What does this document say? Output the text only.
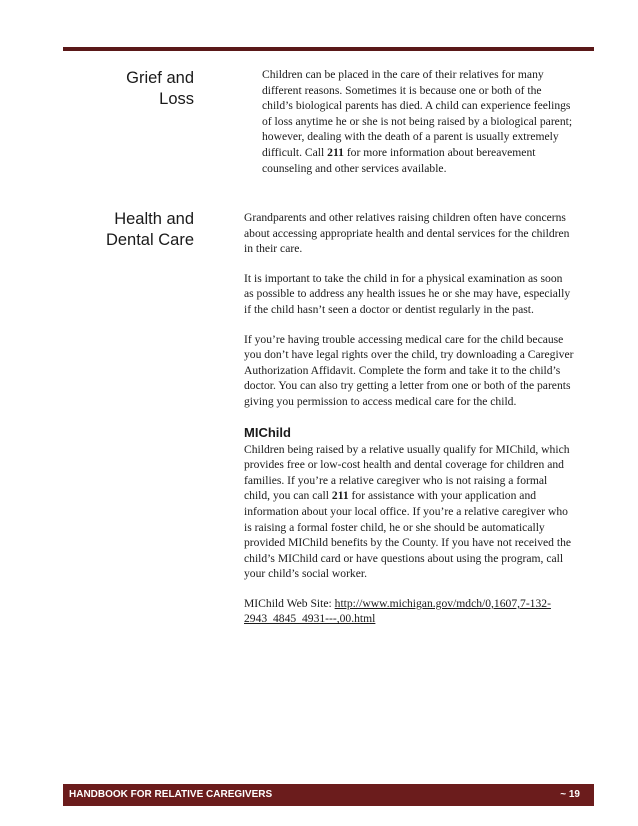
Grief and
Loss

Children can be placed in the care of their relatives for many different reasons. Sometimes it is because one or both of the child’s biological parents has died. A child can experience feelings of loss anytime he or she is not being raised by a biological parent; however, dealing with the death of a parent is usually extremely difficult. Call 211 for more information about bereavement counseling and other services available.

Health and
Dental Care

Grandparents and other relatives raising children often have concerns about accessing appropriate health and dental services for the children in their care.

It is important to take the child in for a physical examination as soon as possible to address any health issues he or she may have, especially if the child hasn’t seen a doctor or dentist regularly in the past.

If you’re having trouble accessing medical care for the child because you don’t have legal rights over the child, try downloading a Caregiver Authorization Affidavit. Complete the form and take it to the child’s doctor. You can also try getting a letter from one or both of the parents giving you permission to access medical care for the child.

MIChild

Children being raised by a relative usually qualify for MIChild, which provides free or low-cost health and dental coverage for children and families. If you’re a relative caregiver who is not raising a formal child, you can call 211 for assistance with your application and information about your local office. If you’re a relative caregiver who is raising a formal foster child, he or she should be automatically provided MIChild benefits by the County. If you have not received the child’s MIChild card or have questions about using the program, call your child’s social worker.

MIChild Web Site: http://www.michigan.gov/mdch/0,1607,7-132-2943_4845_4931---,00.html

HANDBOOK FOR RELATIVE CAREGIVERS	~ 19
